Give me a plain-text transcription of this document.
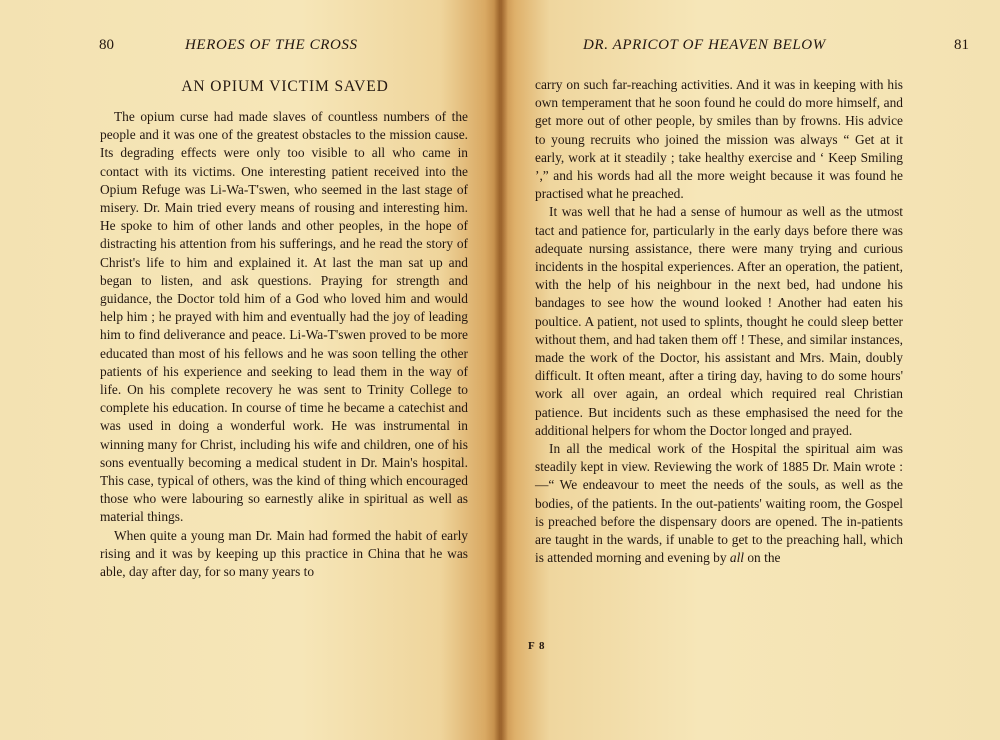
80	HEROES OF THE CROSS
AN OPIUM VICTIM SAVED

The opium curse had made slaves of countless numbers of the people and it was one of the greatest obstacles to the mission cause. Its degrading effects were only too visible to all who came in contact with its victims. One interesting patient received into the Opium Refuge was Li-Wa-T'swen, who seemed in the last stage of misery. Dr. Main tried every means of rousing and interesting him. He spoke to him of other lands and other peoples, in the hope of distracting his attention from his sufferings, and he read the story of Christ's life to him and explained it. At last the man sat up and began to listen, and ask questions. Praying for strength and guidance, the Doctor told him of a God who loved him and would help him ; he prayed with him and eventually had the joy of leading him to find deliverance and peace. Li-Wa-T'swen proved to be more educated than most of his fellows and he was soon telling the other patients of his experience and seeking to lead them in the way of life. On his complete recovery he was sent to Trinity College to complete his education. In course of time he became a catechist and was used in doing a wonderful work. He was instrumental in winning many for Christ, including his wife and children, one of his sons eventually becoming a medical student in Dr. Main's hospital. This case, typical of others, was the kind of thing which encouraged those who were labouring so earnestly alike in spiritual as well as material things.

When quite a young man Dr. Main had formed the habit of early rising and it was by keeping up this practice in China that he was able, day after day, for so many years to

DR. APRICOT OF HEAVEN BELOW	81

carry on such far-reaching activities. And it was in keeping with his own temperament that he soon found he could do more himself, and get more out of other people, by smiles than by frowns. His advice to young recruits who joined the mission was always “ Get at it early, work at it steadily ; take healthy exercise and ‘ Keep Smiling ’,” and his words had all the more weight because it was found he practised what he preached.

It was well that he had a sense of humour as well as the utmost tact and patience for, particularly in the early days before there was adequate nursing assistance, there were many trying and curious incidents in the hospital experiences. After an operation, the patient, with the help of his neighbour in the next bed, had undone his bandages to see how the wound looked ! Another had eaten his poultice. A patient, not used to splints, thought he could sleep better without them, and had taken them off ! These, and similar instances, made the work of the Doctor, his assistant and Mrs. Main, doubly difficult. It often meant, after a tiring day, having to do some hours' work all over again, an ordeal which required real Christian patience. But incidents such as these emphasised the need for the additional helpers for whom the Doctor longed and prayed.

In all the medical work of the Hospital the spiritual aim was steadily kept in view. Reviewing the work of 1885 Dr. Main wrote :—“ We endeavour to meet the needs of the souls, as well as the bodies, of the patients. In the out-patients' waiting room, the Gospel is preached before the dispensary doors are opened. The in-patients are taught in the wards, if unable to get to the preaching hall, which is attended morning and evening by all on the

F 8
